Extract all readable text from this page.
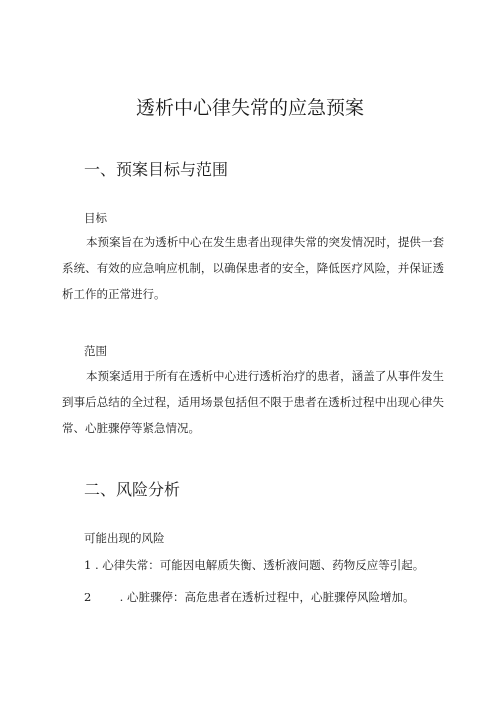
透析中心律失常的应急预案
一、预案目标与范围
目标
本预案旨在为透析中心在发生患者出现律失常的突发情况时，提供一套系统、有效的应急响应机制，以确保患者的安全，降低医疗风险，并保证透析工作的正常进行。
范围
本预案适用于所有在透析中心进行透析治疗的患者，涵盖了从事件发生到事后总结的全过程，适用场景包括但不限于患者在透析过程中出现心律失常、心脏骤停等紧急情况。
二、风险分析
可能出现的风险
1 . 心律失常：可能因电解质失衡、透析液问题、药物反应等引起。
2 . 心脏骤停：高危患者在透析过程中，心脏骤停风险增加。
